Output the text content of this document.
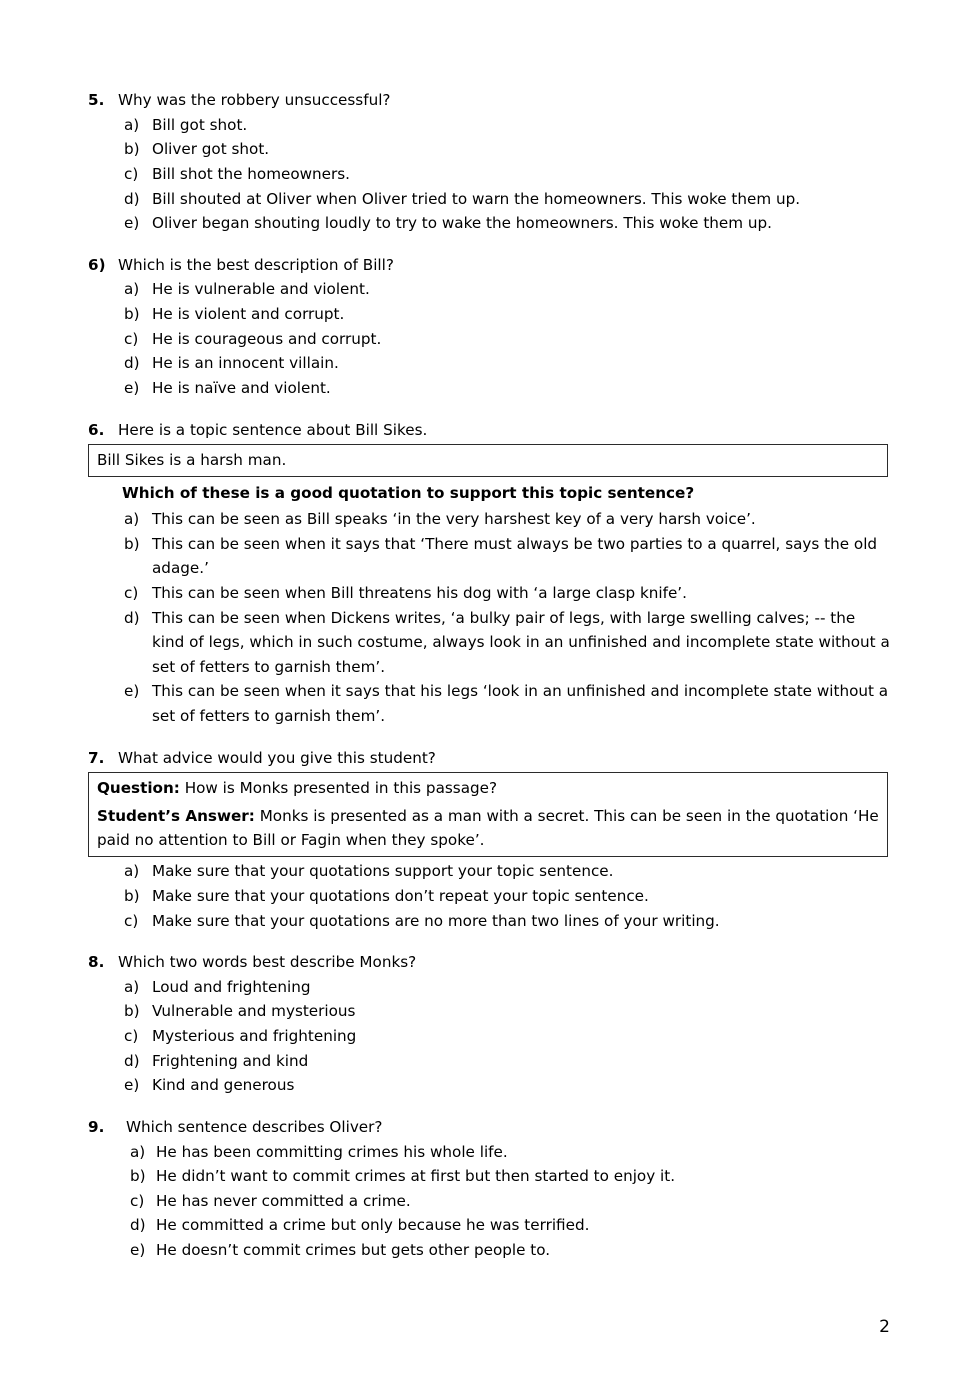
5. Why was the robbery unsuccessful?
a) Bill got shot.
b) Oliver got shot.
c) Bill shot the homeowners.
d) Bill shouted at Oliver when Oliver tried to warn the homeowners. This woke them up.
e) Oliver began shouting loudly to try to wake the homeowners. This woke them up.
6) Which is the best description of Bill?
a) He is vulnerable and violent.
b) He is violent and corrupt.
c) He is courageous and corrupt.
d) He is an innocent villain.
e) He is naïve and violent.
6. Here is a topic sentence about Bill Sikes.

Bill Sikes is a harsh man.

Which of these is a good quotation to support this topic sentence?
a) This can be seen as Bill speaks ‘in the very harshest key of a very harsh voice’.
b) This can be seen when it says that ‘There must always be two parties to a quarrel, says the old adage.’
c) This can be seen when Bill threatens his dog with ‘a large clasp knife’.
d) This can be seen when Dickens writes, ‘a bulky pair of legs, with large swelling calves; -- the kind of legs, which in such costume, always look in an unfinished and incomplete state without a set of fetters to garnish them’.
e) This can be seen when it says that his legs ‘look in an unfinished and incomplete state without a set of fetters to garnish them’.
7. What advice would you give this student?

Question: How is Monks presented in this passage?

Student’s Answer: Monks is presented as a man with a secret. This can be seen in the quotation ‘He paid no attention to Bill or Fagin when they spoke’.

a) Make sure that your quotations support your topic sentence.
b) Make sure that your quotations don’t repeat your topic sentence.
c) Make sure that your quotations are no more than two lines of your writing.
8. Which two words best describe Monks?
a) Loud and frightening
b) Vulnerable and mysterious
c) Mysterious and frightening
d) Frightening and kind
e) Kind and generous
9.	Which sentence describes Oliver?
a) He has been committing crimes his whole life.
b) He didn’t want to commit crimes at first but then started to enjoy it.
c) He has never committed a crime.
d) He committed a crime but only because he was terrified.
e) He doesn’t commit crimes but gets other people to.
2
